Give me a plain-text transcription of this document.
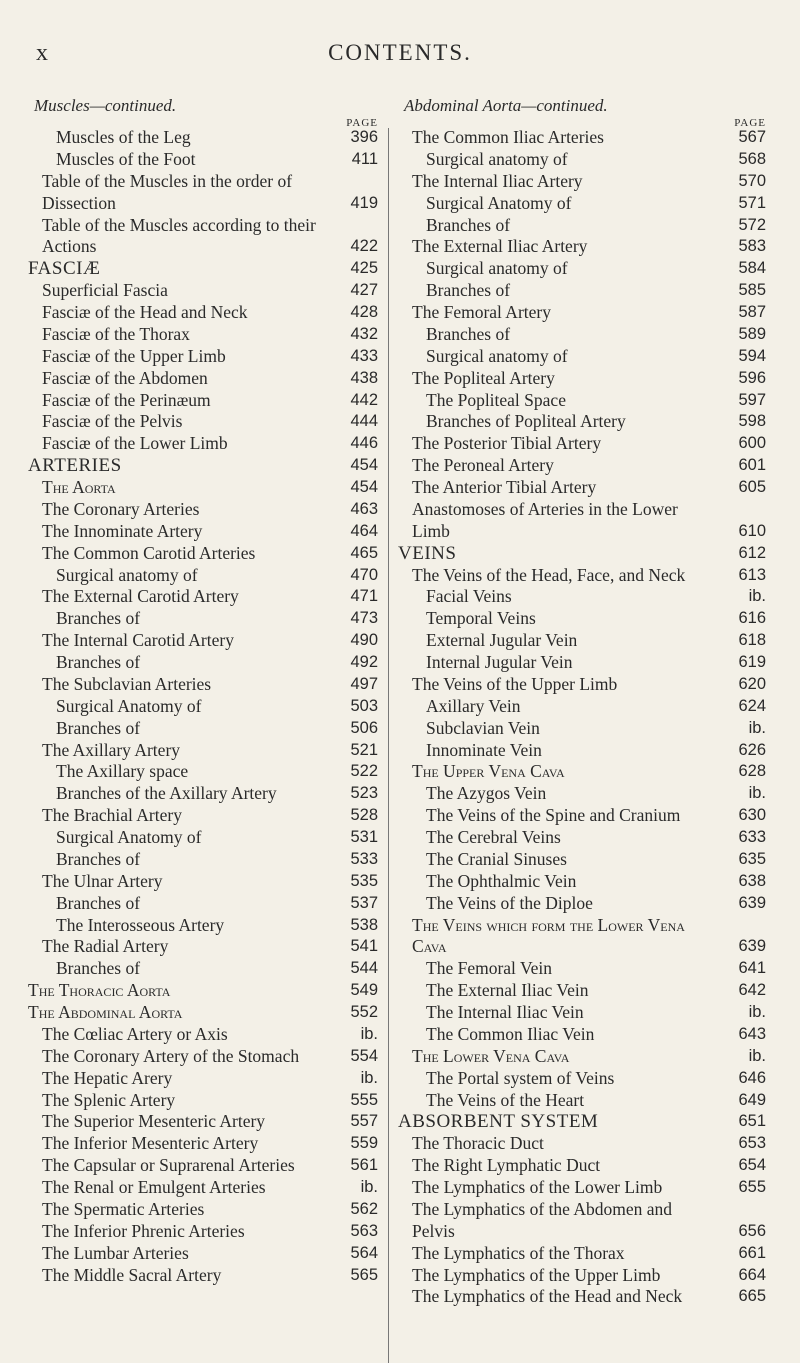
x	CONTENTS.
Muscles—continued.
PAGE
Muscles of the Leg	396
Muscles of the Foot	411
Table of the Muscles in the order of Dissection	419
Table of the Muscles according to their Actions	422
FASCIÆ	425
Superficial Fascia	427
Fasciæ of the Head and Neck	428
Fasciæ of the Thorax	432
Fasciæ of the Upper Limb	433
Fasciæ of the Abdomen	438
Fasciæ of the Perinæum	442
Fasciæ of the Pelvis	444
Fasciæ of the Lower Limb	446
ARTERIES	454
The Aorta	454
The Coronary Arteries	463
The Innominate Artery	464
The Common Carotid Arteries	465
Surgical anatomy of	470
The External Carotid Artery	471
Branches of	473
The Internal Carotid Artery	490
Branches of	492
The Subclavian Arteries	497
Surgical Anatomy of	503
Branches of	506
The Axillary Artery	521
The Axillary space	522
Branches of the Axillary Artery	523
The Brachial Artery	528
Surgical Anatomy of	531
Branches of	533
The Ulnar Artery	535
Branches of	537
The Interosseous Artery	538
The Radial Artery	541
Branches of	544
The Thoracic Aorta	549
The Abdominal Aorta	552
The Cœliac Artery or Axis	ib.
The Coronary Artery of the Stomach	554
The Hepatic Arery	ib.
The Splenic Artery	555
The Superior Mesenteric Artery	557
The Inferior Mesenteric Artery	559
The Capsular or Suprarenal Arteries	561
The Renal or Emulgent Arteries	ib.
The Spermatic Arteries	562
The Inferior Phrenic Arteries	563
The Lumbar Arteries	564
The Middle Sacral Artery	565
Abdominal Aorta—continued.
PAGE
The Common Iliac Arteries	567
Surgical anatomy of	568
The Internal Iliac Artery	570
Surgical Anatomy of	571
Branches of	572
The External Iliac Artery	583
Surgical anatomy of	584
Branches of	585
The Femoral Artery	587
Branches of	589
Surgical anatomy of	594
The Popliteal Artery	596
The Popliteal Space	597
Branches of Popliteal Artery	598
The Posterior Tibial Artery	600
The Peroneal Artery	601
The Anterior Tibial Artery	605
Anastomoses of Arteries in the Lower Limb	610
VEINS	612
The Veins of the Head, Face, and Neck	613
Facial Veins	ib.
Temporal Veins	616
External Jugular Vein	618
Internal Jugular Vein	619
The Veins of the Upper Limb	620
Axillary Vein	624
Subclavian Vein	ib.
Innominate Vein	626
The Upper Vena Cava	628
The Azygos Vein	ib.
The Veins of the Spine and Cranium	630
The Cerebral Veins	633
The Cranial Sinuses	635
The Ophthalmic Vein	638
The Veins of the Diploe	639
The Veins which form the Lower Vena Cava	639
The Femoral Vein	641
The External Iliac Vein	642
The Internal Iliac Vein	ib.
The Common Iliac Vein	643
The Lower Vena Cava	ib.
The Portal system of Veins	646
The Veins of the Heart	649
ABSORBENT SYSTEM	651
The Thoracic Duct	653
The Right Lymphatic Duct	654
The Lymphatics of the Lower Limb	655
The Lymphatics of the Abdomen and Pelvis	656
The Lymphatics of the Thorax	661
The Lymphatics of the Upper Limb	664
The Lymphatics of the Head and Neck	665
